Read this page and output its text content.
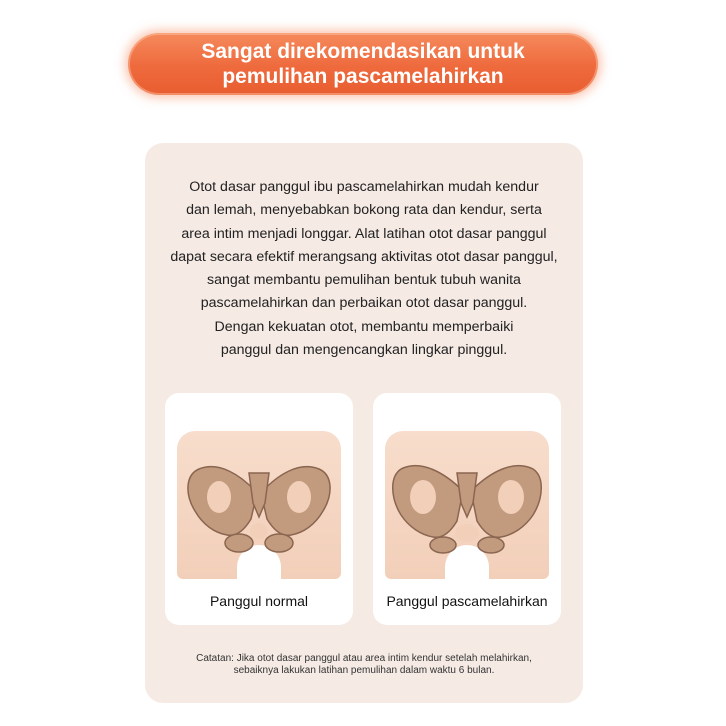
Sangat direkomendasikan untuk
pemulihan pascamelahirkan
Otot dasar panggul ibu pascamelahirkan mudah kendur
dan lemah, menyebabkan bokong rata dan kendur, serta
area intim menjadi longgar. Alat latihan otot dasar panggul
dapat secara efektif merangsang aktivitas otot dasar panggul,
sangat membantu pemulihan bentuk tubuh wanita
pascamelahirkan dan perbaikan otot dasar panggul.
Dengan kekuatan otot, membantu memperbaiki
panggul dan mengencangkan lingkar pinggul.
Panggul normal	Panggul pascamelahirkan
Catatan: Jika otot dasar panggul atau area intim kendur setelah melahirkan,
sebaiknya lakukan latihan pemulihan dalam waktu 6 bulan.
